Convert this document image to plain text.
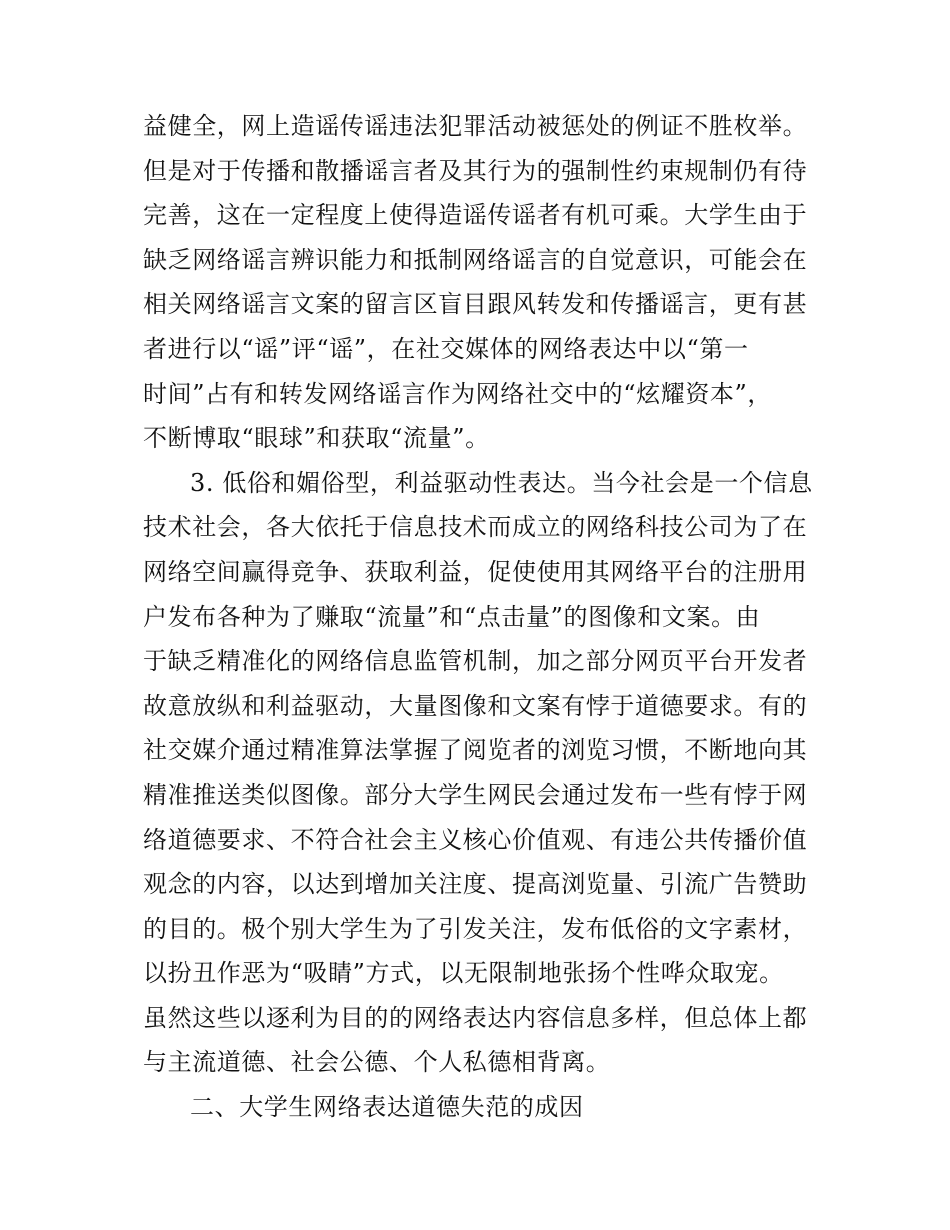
益健全，网上造谣传谣违法犯罪活动被惩处的例证不胜枚举。
但是对于传播和散播谣言者及其行为的强制性约束规制仍有待
完善，这在一定程度上使得造谣传谣者有机可乘。大学生由于
缺乏网络谣言辨识能力和抵制网络谣言的自觉意识，可能会在
相关网络谣言文案的留言区盲目跟风转发和传播谣言，更有甚
者进行以“谣”评“谣”，在社交媒体的网络表达中以“第一
时间”占有和转发网络谣言作为网络社交中的“炫耀资本”，
不断博取“眼球”和获取“流量”。
3. 低俗和媚俗型，利益驱动性表达。当今社会是一个信息
技术社会，各大依托于信息技术而成立的网络科技公司为了在
网络空间赢得竞争、获取利益，促使使用其网络平台的注册用
户发布各种为了赚取“流量”和“点击量”的图像和文案。由
于缺乏精准化的网络信息监管机制，加之部分网页平台开发者
故意放纵和利益驱动，大量图像和文案有悖于道德要求。有的
社交媒介通过精准算法掌握了阅览者的浏览习惯，不断地向其
精准推送类似图像。部分大学生网民会通过发布一些有悖于网
络道德要求、不符合社会主义核心价值观、有违公共传播价值
观念的内容，以达到增加关注度、提高浏览量、引流广告赞助
的目的。极个别大学生为了引发关注，发布低俗的文字素材，
以扮丑作恶为“吸睛”方式，以无限制地张扬个性哗众取宠。
虽然这些以逐利为目的的网络表达内容信息多样，但总体上都
与主流道德、社会公德、个人私德相背离。
二、大学生网络表达道德失范的成因
